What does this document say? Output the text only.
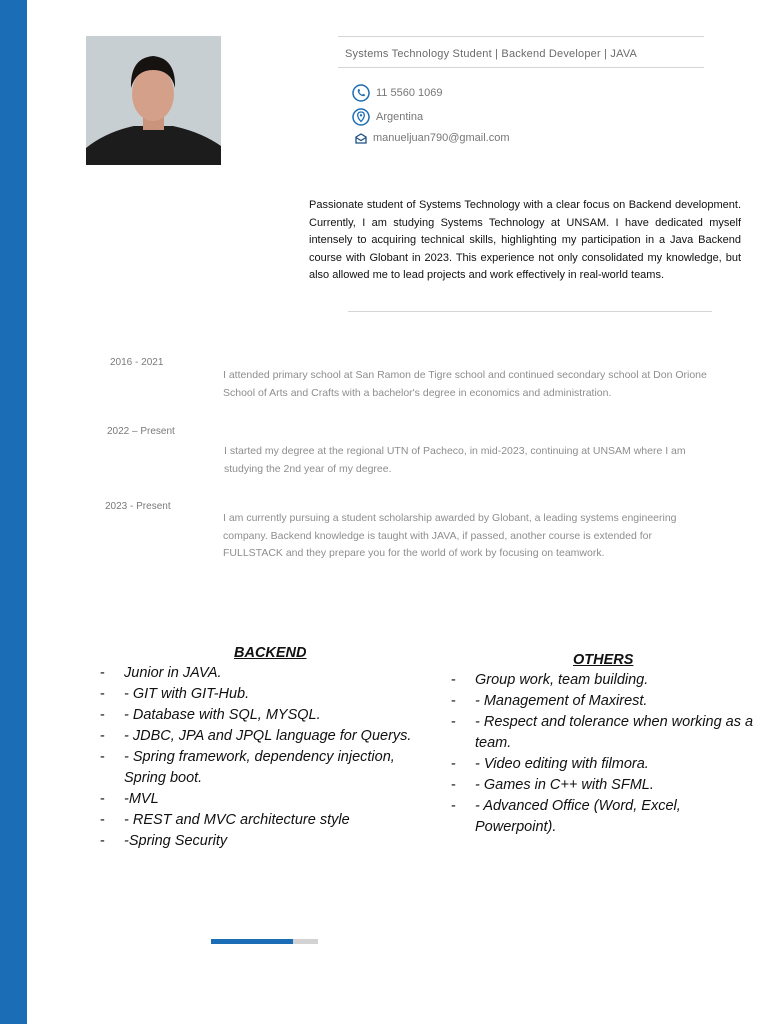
Systems Technology Student | Backend Developer | JAVA
11 5560 1069
Argentina
manueljuan790@gmail.com
Passionate student of Systems Technology with a clear focus on Backend development. Currently, I am studying Systems Technology at UNSAM. I have dedicated myself intensely to acquiring technical skills, highlighting my participation in a Java Backend course with Globant in 2023. This experience not only consolidated my knowledge, but also allowed me to lead projects and work effectively in real-world teams.
2016 - 2021
I attended primary school at San Ramon de Tigre school and continued secondary school at Don Orione School of Arts and Crafts with a bachelor's degree in economics and administration.
2022 – Present
I started my degree at the regional UTN of Pacheco, in mid-2023, continuing at UNSAM where I am studying the 2nd year of my degree.
2023 - Present
I am currently pursuing a student scholarship awarded by Globant, a leading systems engineering company. Backend knowledge is taught with JAVA, if passed, another course is extended for FULLSTACK and they prepare you for the world of work by focusing on teamwork.
BACKEND
- Junior in JAVA.
- - GIT with GIT-Hub.
- - Database with SQL, MYSQL.
- - JDBC, JPA and JPQL language for Querys.
- - Spring framework, dependency injection, Spring boot.
- -MVL
- - REST and MVC architecture style
- -Spring Security
OTHERS
- Group work, team building.
- - Management of Maxirest.
- - Respect and tolerance when working as a team.
- - Video editing with filmora.
- - Games in C++ with SFML.
- - Advanced Office (Word, Excel, Powerpoint).
